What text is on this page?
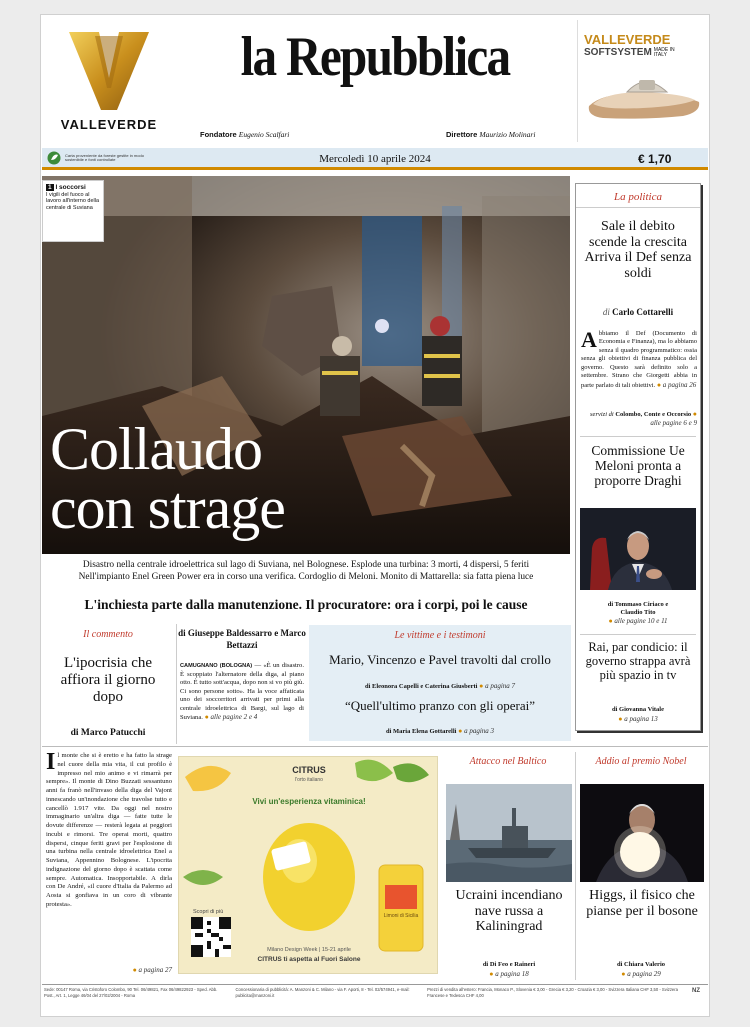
VALLEVERDE
la Repubblica
Fondatore Eugenio Scalfari	Direttore Maurizio Molinari
VALLEVERDE
SOFTSYSTEM MADE IN ITALY
Carta proveniente da foreste gestite in modo sostenibile e fonti controllate	Mercoledì 10 aprile 2024	€ 1,70
1 I soccorsi
I vigili del fuoco al lavoro all'interno della centrale di Suviana
Collaudo
con strage
Disastro nella centrale idroelettrica sul lago di Suviana, nel Bolognese. Esplode una turbina: 3 morti, 4 dispersi, 5 feriti
Nell'impianto Enel Green Power era in corso una verifica. Cordoglio di Meloni. Monito di Mattarella: sia fatta piena luce
L'inchiesta parte dalla manutenzione. Il procuratore: ora i corpi, poi le cause
La politica
Sale il debito scende la crescita Arriva il Def senza soldi
di Carlo Cottarelli
A bbiamo il Def (Documento di Economia e Finanza), ma lo abbiamo senza il quadro programmatico: ossia senza gli obiettivi di finanza pubblica del governo. Questo sarà definito solo a settembre. Strano che Giorgetti abbia in parte parlato di tali obiettivi. ● a pagina 26
servizi di Colombo, Conte e Occorsio ● alle pagine 6 e 9
Commissione Ue Meloni pronta a proporre Draghi
di Tommaso Ciriaco e Claudio Tito
● alle pagine 10 e 11
Rai, par condicio: il governo strappa avrà più spazio in tv
di Giovanna Vitale
● a pagina 13
Il commento
L'ipocrisia che affiora il giorno dopo
di Marco Patucchi
di Giuseppe Baldessarro e Marco Bettazzi
CAMUGNANO (BOLOGNA) — «È un disastro. È scoppiato l'alternatore della diga, al piano otto. È tutto sott'acqua, dopo non si vo più giù. Ci sono persone sotto». Ha la voce affaticata uno dei soccorritori arrivati per primi alla centrale idroelettrica di Bargi, sul lago di Suviana. ● alle pagine 2 e 4
Le vittime e i testimoni
Mario, Vincenzo e Pavel travolti dal crollo
di Eleonora Capelli e Caterina Giusberti ● a pagina 7
“Quell'ultimo pranzo con gli operai”
di Maria Elena Gottarelli ● a pagina 3
I l monte che si è eretto e ha fatto la strage nel cuore della mia vita, il cui profilo è impresso nel mio animo e vi rimarrà per sempre». Il monte di Dino Buzzati sessantuno anni fa franò nell'invaso della diga del Vajont innescando un'inondazione che travolse tutto e cancellò 1.917 vite. Da oggi nel nostro immaginario un'altra diga — fatte tutte le dovute differenze — resterà legata ai peggiori incubi e rimorsi. Tre operai morti, quattro dispersi, cinque feriti gravi per l'esplosione di una turbina nella centrale idroelettrica Enel a Suviana, Appennino Bolognese. L'ipocrita indignazione del giorno dopo è scattata come sempre. Automatica. Insopportabile. A dirla con De André, «il cuore d'Italia da Palermo ad Aosta si gonfiava in un coro di vibrante protesta».
● a pagina 27
CITRUS
l'orto italiano
Vivi un'esperienza vitaminica!
Limoni di Sicilia
Scopri di più
Milano Design Week | 15-21 aprile
CITRUS ti aspetta al Fuori Salone
Attacco nel Baltico
Ucraini incendiano nave russa a Kaliningrad
di Di Feo e Raineri
● a pagina 18
Addio al premio Nobel
Higgs, il fisico che pianse per il bosone
di Chiara Valerio
● a pagina 29
Sede: 00147 Roma, via Cristoforo Colombo, 90 Tel. 06/49821, Fax 06/49822923 - Sped. Abb. Post., Art. 1, Legge 46/04 del 27/02/2004 - Roma
Concessionaria di pubblicità: A. Manzoni & C. Milano - via F. Aporti, 8 - Tel. 02/574941, e-mail: publicita@manzoni.it
Prezzi di vendita all'estero: Francia, Monaco P., Slovenia € 3,00 - Grecia € 3,20 - Croazia € 3,00 - Svizzera Italiana CHF 3,50 - Svizzera Francese e Tedesca CHF 4,00
NZ
